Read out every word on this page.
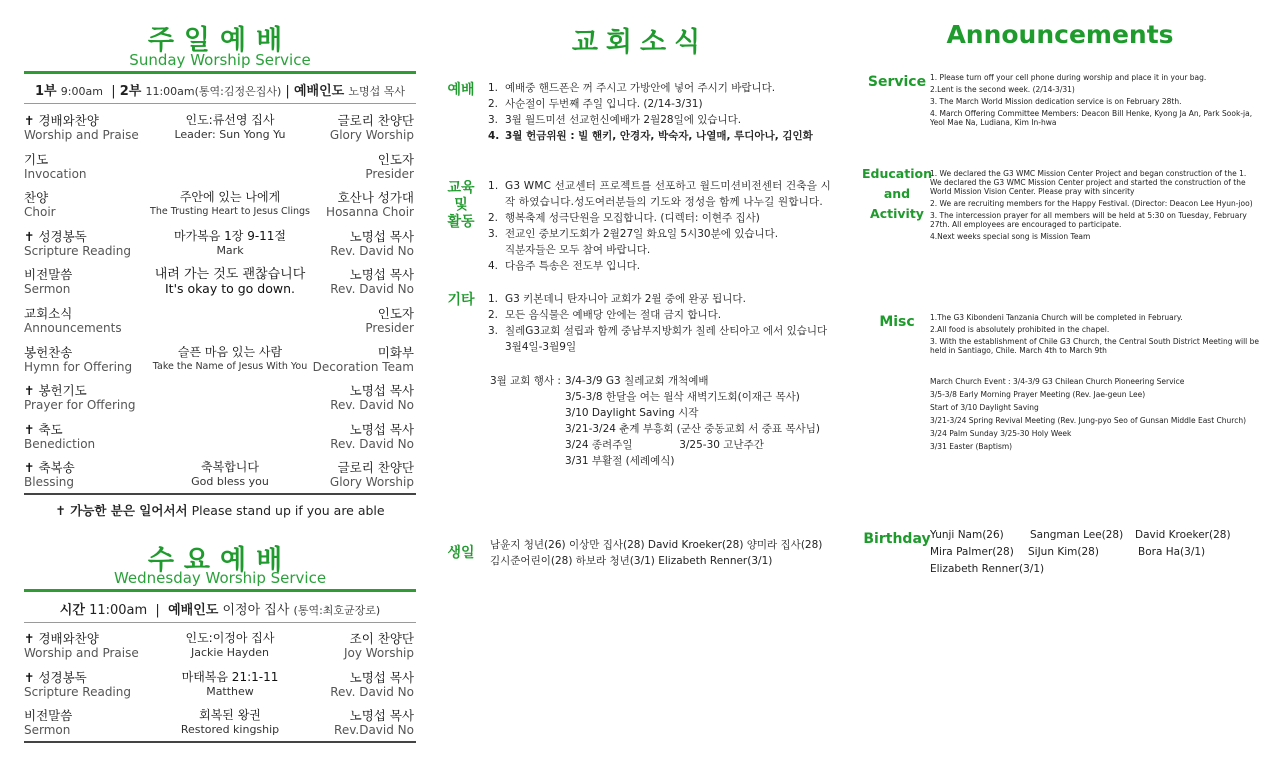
주일예배
Sunday Worship Service
1부 9:00am  | 2부 11:00am(통역:김정은집사) | 예배인도 노명섭 목사
✝ 경배와찬양
Worship and Praise
인도:류선영 집사
Leader: Sun Yong Yu
글로리 찬양단
Glory Worship
기도
Invocation
인도자
Presider
찬양
Choir
주안에 있는 나에게
The Trusting Heart to Jesus Clings
호산나 성가대
Hosanna Choir
✝ 성경봉독
Scripture Reading
마가복음 1장 9-11절
Mark
노명섭 목사
Rev. David No
비전말씀
Sermon
내려 가는 것도 괜찮습니다
It's okay to go down.
노명섭 목사
Rev. David No
교회소식
Announcements
인도자
Presider
봉헌찬송
Hymn for Offering
슬픈 마음 있는 사람
Take the Name of Jesus With You
미화부
Decoration Team
✝ 봉헌기도
Prayer for Offering
노명섭 목사
Rev. David No
✝ 축도
Benediction
노명섭 목사
Rev. David No
✝ 축복송
Blessing
축복합니다
God bless you
글로리 찬양단
Glory Worship
✝ 가능한 분은 일어서서 Please stand up if you are able
수요예배
Wednesday Worship Service
시간 11:00am  |  예배인도 이정아 집사 (통역:최호균장로)
✝ 경배와찬양
Worship and Praise
인도:이정아 집사
Jackie Hayden
조이 찬양단
Joy Worship
✝ 성경봉독
Scripture Reading
마태복음 21:1-11
Matthew
노명섭 목사
Rev. David No
비전말씀
Sermon
회복된 왕권
Restored kingship
노명섭 목사
Rev.David No
교회소식
예배 1. 예배중 핸드폰은 꺼 주시고 가방안에 넣어 주시기 바랍니다.
2. 사순절이 두번째 주일 입니다. (2/14-3/31)
3. 3월 월드미션 선교헌신예배가 2월28일에 있습니다.
4. 3월 헌금위원 : 빌 핸키, 안경자, 박숙자, 나열매, 루디아나, 김인화
교육 및 활동
1. G3 WMC 선교센터 프로젝트를 선포하고 월드미션비전센터 건축을 시작 하였습니다.성도여러분들의 기도와 정성을 함께 나누길 원합니다.
2. 행복축제 성극단원을 모집합니다. (디렉터: 이현주 집사)
3. 전교인 중보기도회가 2월27일 화요일 5시30분에 있습니다.
직분자들은 모두 참여 바랍니다.
4. 다음주 특송은 전도부 입니다.
기타 1. G3 키본데니 탄자니아 교회가 2월 중에 완공 됩니다.
2. 모든 음식물은 예배당 안에는 절대 금지 합니다.
3. 칠레G3교회 설립과 함께 중남부지방회가 칠레 산티아고 에서 있습니다
3월4일-3월9일
3월 교회 행사 : 3/4-3/9 G3 칠레교회 개척예배
3/5-3/8 한달을 여는 월삭 새벽기도회(이재근 목사)
3/10 Daylight Saving 시작
3/21-3/24 춘계 부흥회 (군산 중동교회 서 중표 목사님)
3/24 종려주일              3/25-30 고난주간
3/31 부활절 (세례예식)
생일 남윤지 청년(26) 이상만 집사(28) David Kroeker(28) 양미라 집사(28)
김시준어린이(28) 하보라 청년(3/1) Elizabeth Renner(3/1)
Announcements
Service 1. Please turn off your cell phone during worship and place it in your bag.

2.Lent is the second week. (2/14-3/31)

3. The March World Mission dedication service is on February 28th.

4. March Offering Committee Members: Deacon Bill Henke, Kyong Ja An, Park Sook-ja, Yeol Mae Na, Ludiana, Kim In-hwa

Education
and
Activity

1. We declared the G3 WMC Mission Center Project and began construction of the 1. We declared the G3 WMC Mission Center project and started the construction of the World Mission Vision Center. Please pray with sincerity

2. We are recruiting members for the Happy Festival. (Director: Deacon Lee Hyun-joo)

3. The intercession prayer for all members will be held at 5:30 on Tuesday, February 27th. All employees are encouraged to participate.

4.Next weeks special song is Mission Team

Misc	1.The G3 Kibondeni Tanzania Church will be completed in February.

2.All food is absolutely prohibited in the chapel.

3. With the establishment of Chile G3 Church, the Central South District Meeting will be held in Santiago, Chile. March 4th to March 9th

March Church Event : 3/4-3/9 G3 Chilean Church Pioneering Service
3/5-3/8 Early Morning Prayer Meeting (Rev. Jae-geun Lee)
Start of 3/10 Daylight Saving
3/21-3/24 Spring Revival Meeting (Rev. Jung-pyo Seo of Gunsan Middle East Church)
3/24 Palm Sunday 3/25-30 Holy Week
3/31 Easter (Baptism)
Birthday Yunji Nam(26) Sangman Lee(28) David Kroeker(28)
Mira Palmer(28) SiJun Kim(28)	Bora Ha(3/1)
Elizabeth Renner(3/1)
